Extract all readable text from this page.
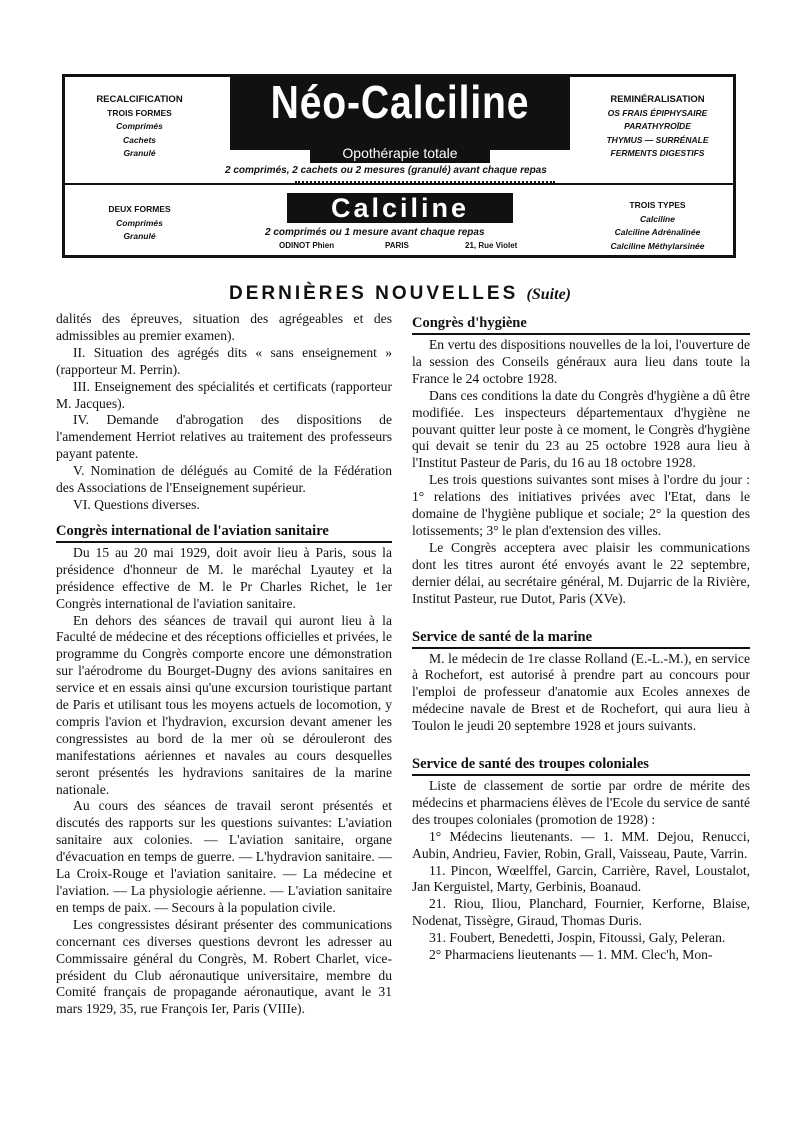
RECALCIFICATION
TROIS FORMES
Comprimés
Cachets
Granulé
Néo-Calciline
Opothérapie totale
2 comprimés, 2 cachets ou 2 mesures (granulé) avant chaque repas
REMINÉRALISATION
OS FRAIS ÉPIPHYSAIRE
PARATHYROÏDE
THYMUS — SURRÉNALE
FERMENTS DIGESTIFS
DEUX FORMES
Comprimés
Granulé
Calciline
2 comprimés ou 1 mesure avant chaque repas
ODINOT Phien	PARIS	21, Rue Violet
TROIS TYPES
Calciline
Calciline Adrénalinée
Calciline Méthylarsinée
DERNIÈRES NOUVELLES (Suite)

dalités des épreuves, situation des agrégeables et des admissibles au premier examen).

II. Situation des agrégés dits « sans enseignement » (rapporteur M. Perrin).

III. Enseignement des spécialités et certificats (rapporteur M. Jacques).

IV. Demande d'abrogation des dispositions de l'amendement Herriot relatives au traitement des professeurs payant patente.

V. Nomination de délégués au Comité de la Fédération des Associations de l'Enseignement supérieur.

VI. Questions diverses.

Congrès international de l'aviation sanitaire

Du 15 au 20 mai 1929, doit avoir lieu à Paris, sous la présidence d'honneur de M. le maréchal Lyautey et la présidence effective de M. le Pr Charles Richet, le 1er Congrès international de l'aviation sanitaire.

En dehors des séances de travail qui auront lieu à la Faculté de médecine et des réceptions officielles et privées, le programme du Congrès comporte encore une démonstration sur l'aérodrome du Bourget-Dugny des avions sanitaires en service et en essais ainsi qu'une excursion touristique partant de Paris et utilisant tous les moyens actuels de locomotion, y compris l'avion et l'hydravion, excursion devant amener les congressistes au bord de la mer où se dérouleront des manifestations aériennes et navales au cours desquelles seront présentés les hydravions sanitaires de la marine nationale.

Au cours des séances de travail seront présentés et discutés des rapports sur les questions suivantes: L'aviation sanitaire aux colonies. — L'aviation sanitaire, organe d'évacuation en temps de guerre. — L'hydravion sanitaire. — La Croix-Rouge et l'aviation sanitaire. — La médecine et l'aviation. — La physiologie aérienne. — L'aviation sanitaire en temps de paix. — Secours à la population civile.

Les congressistes désirant présenter des communications concernant ces diverses questions devront les adresser au Commissaire général du Congrès, M. Robert Charlet, vice-président du Club aéronautique universitaire, membre du Comité français de propagande aéronautique, avant le 31 mars 1929, 35, rue François Ier, Paris (VIIIe).

Congrès d'hygiène

En vertu des dispositions nouvelles de la loi, l'ouverture de la session des Conseils généraux aura lieu dans toute la France le 24 octobre 1928.

Dans ces conditions la date du Congrès d'hygiène a dû être modifiée. Les inspecteurs départementaux d'hygiène ne pouvant quitter leur poste à ce moment, le Congrès d'hygiène qui devait se tenir du 23 au 25 octobre 1928 aura lieu à l'Institut Pasteur de Paris, du 16 au 18 octobre 1928.

Les trois questions suivantes sont mises à l'ordre du jour : 1° relations des initiatives privées avec l'Etat, dans le domaine de l'hygiène publique et sociale; 2° la question des lotissements; 3° le plan d'extension des villes.

Le Congrès acceptera avec plaisir les communications dont les titres auront été envoyés avant le 22 septembre, dernier délai, au secrétaire général, M. Dujarric de la Rivière, Institut Pasteur, rue Dutot, Paris (XVe).

Service de santé de la marine

M. le médecin de 1re classe Rolland (E.-L.-M.), en service à Rochefort, est autorisé à prendre part au concours pour l'emploi de professeur d'anatomie aux Ecoles annexes de médecine navale de Brest et de Rochefort, qui aura lieu à Toulon le jeudi 20 septembre 1928 et jours suivants.

Service de santé des troupes coloniales

Liste de classement de sortie par ordre de mérite des médecins et pharmaciens élèves de l'Ecole du service de santé des troupes coloniales (promotion de 1928) :

1° Médecins lieutenants. — 1. MM. Dejou, Renucci, Aubin, Andrieu, Favier, Robin, Grall, Vaisseau, Paute, Varrin.

11. Pincon, Wœelffel, Garcin, Carrière, Ravel, Loustalot, Jan Kerguistel, Marty, Gerbinis, Boanaud.

21. Riou, Iliou, Planchard, Fournier, Kerforne, Blaise, Nodenat, Tissègre, Giraud, Thomas Duris.

31. Foubert, Benedetti, Jospin, Fitoussi, Galy, Peleran.

2° Pharmaciens lieutenants — 1. MM. Clec'h, Mon-
